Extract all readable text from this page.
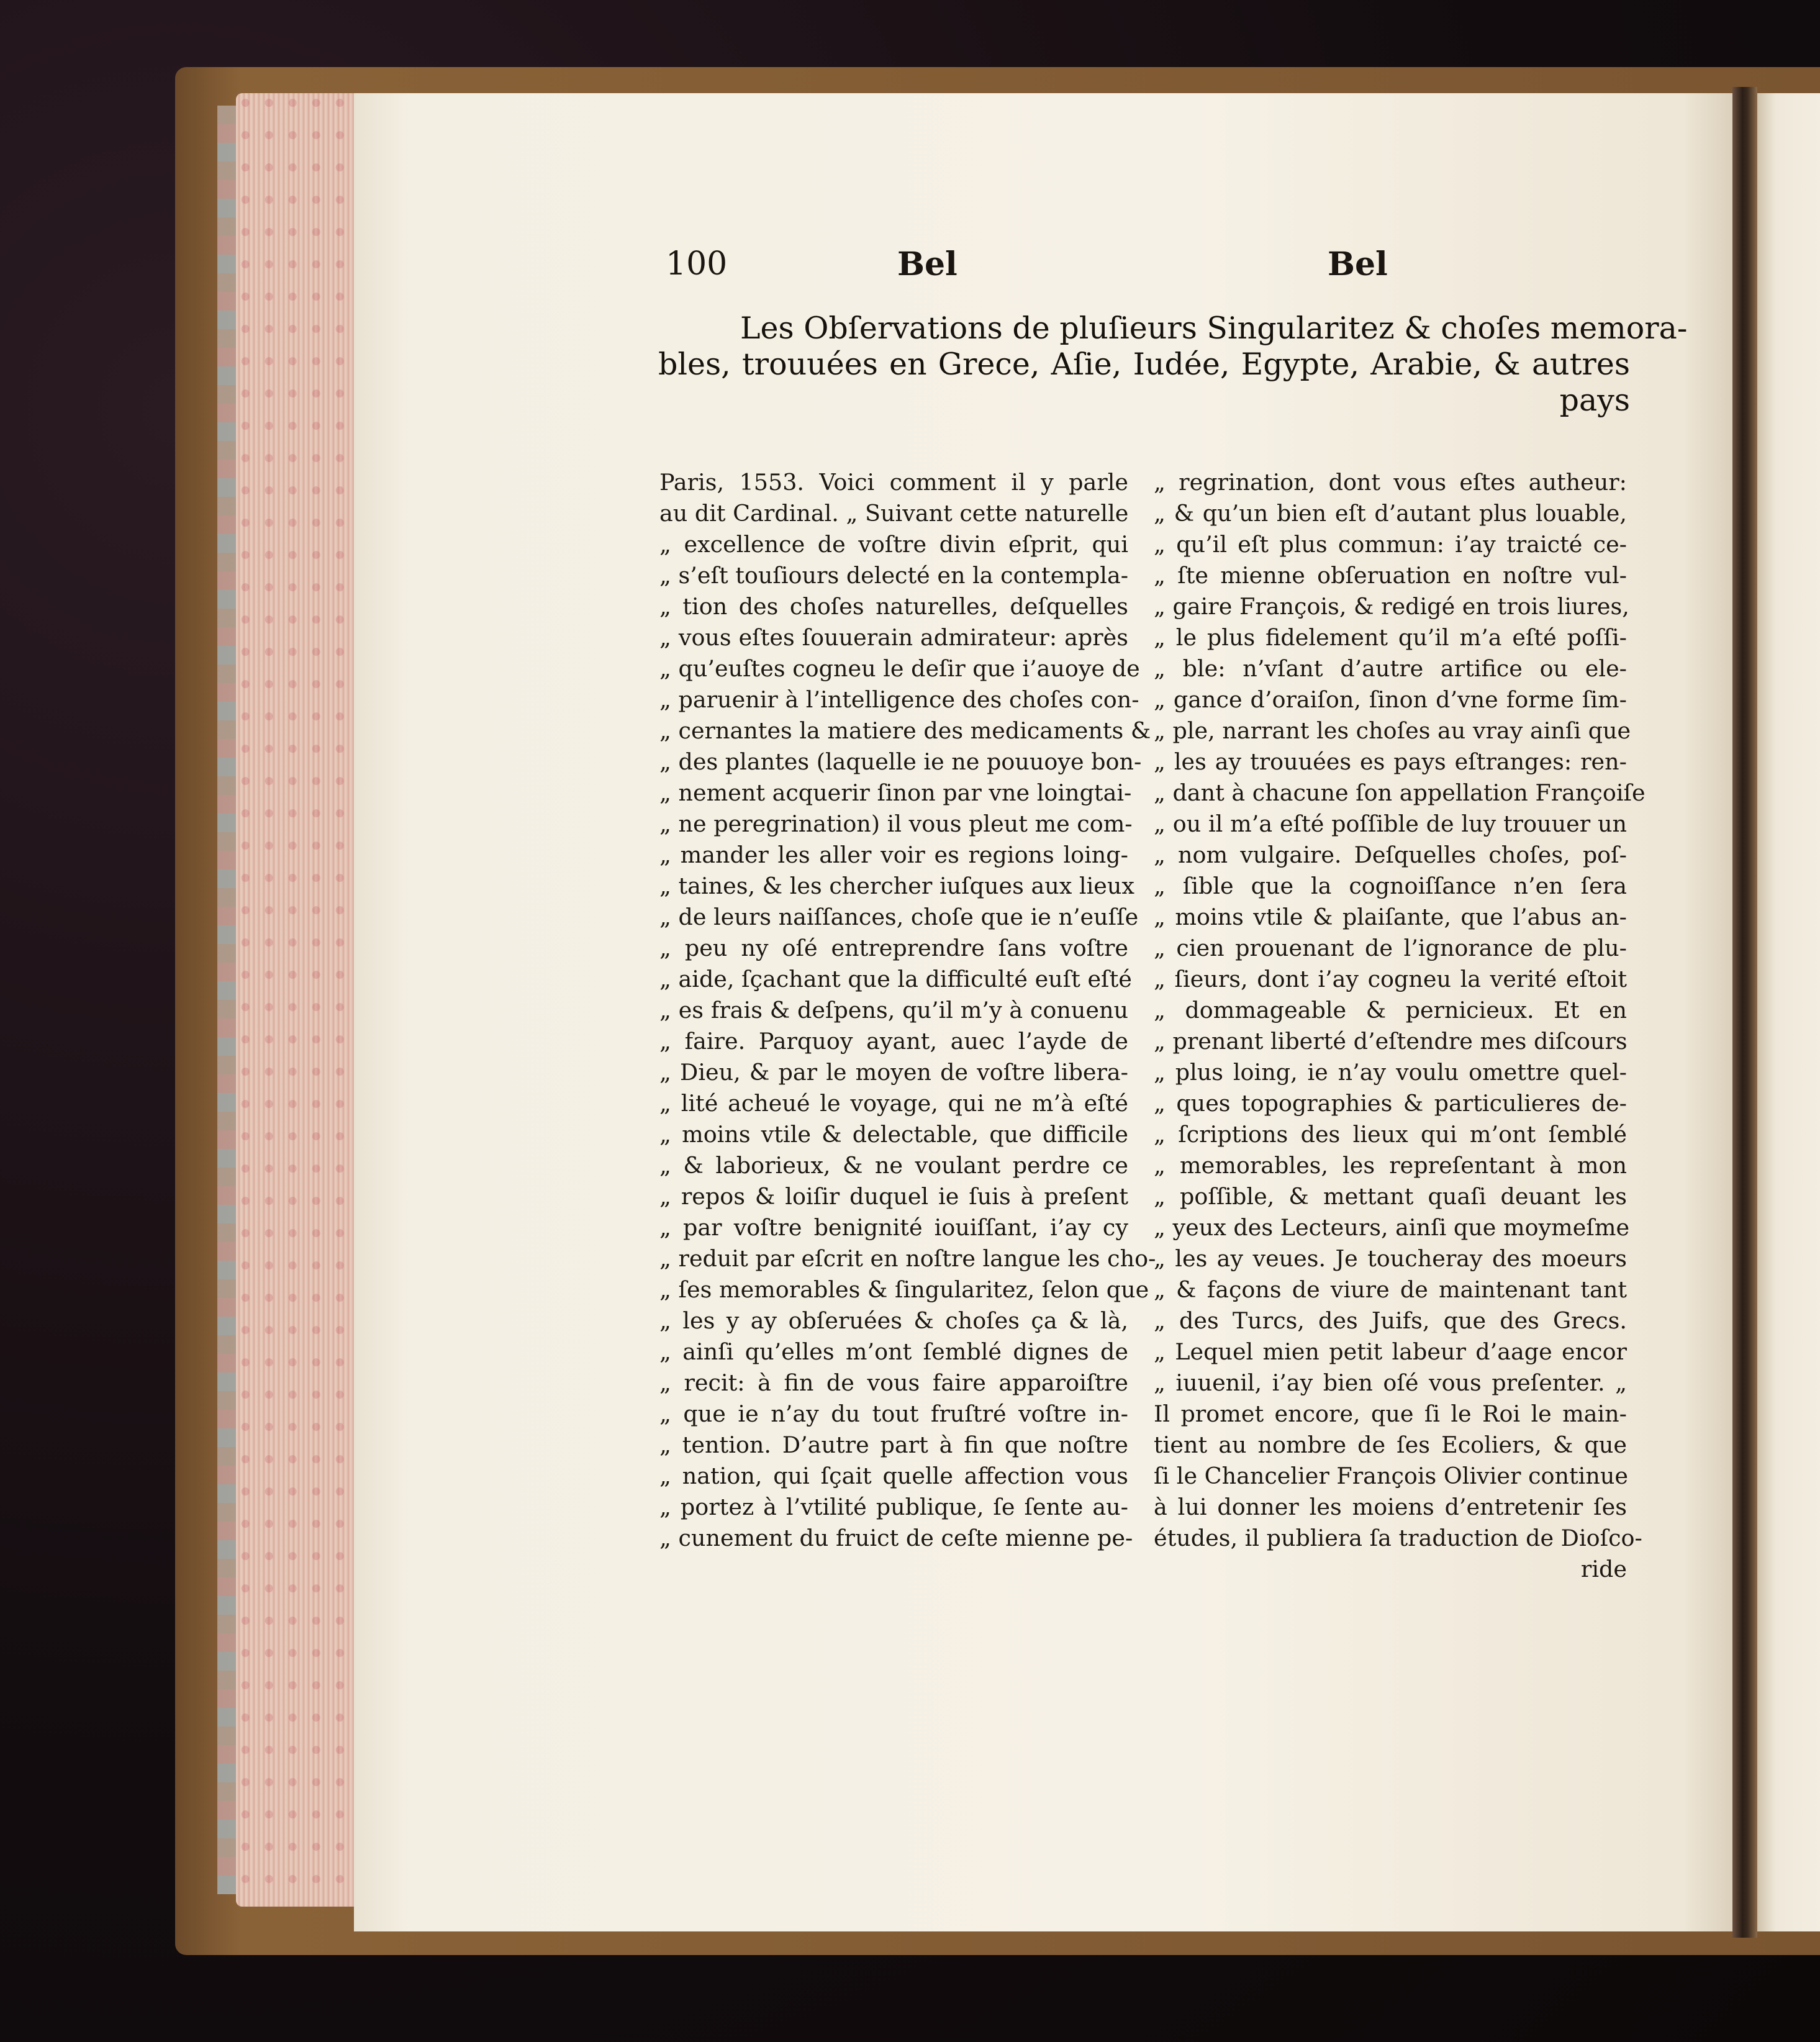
100	Bel	Bel
Les Obſervations de pluſieurs Singularitez & choſes memora-
bles, trouuées en Grece, Aſie, Iudée, Egypte, Arabie, & autres
pays
Paris, 1553. Voici comment il y parle
au dit Cardinal. „ Suivant cette naturelle
„ excellence de voſtre divin eſprit, qui
„ s’eſt touſiours delecté en la contempla-
„ tion des choſes naturelles, deſquelles
„ vous eſtes ſouuerain admirateur: après
„ qu’euſtes cogneu le deſir que i’auoye de
„ paruenir à l’intelligence des choſes con-
„ cernantes la matiere des medicaments &
„ des plantes (laquelle ie ne pouuoye bon-
„ nement acquerir ſinon par vne loingtai-
„ ne peregrination) il vous pleut me com-
„ mander les aller voir es regions loing-
„ taines, & les chercher iuſques aux lieux
„ de leurs naiſſances, choſe que ie n’euſſe
„ peu ny oſé entreprendre ſans voſtre
„ aide, ſçachant que la difficulté euſt eſté
„ es frais & deſpens, qu’il m’y à conuenu
„ faire. Parquoy ayant, auec l’ayde de
„ Dieu, & par le moyen de voſtre libera-
„ lité acheué le voyage, qui ne m’à eſté
„ moins vtile & delectable, que difficile
„ & laborieux, & ne voulant perdre ce
„ repos & loiſir duquel ie ſuis à preſent
„ par voſtre benignité iouiſſant, i’ay cy
„ reduit par eſcrit en noſtre langue les cho-
„ ſes memorables & ſingularitez, ſelon que
„ les y ay obſeruées & choſes ça & là,
„ ainſi qu’elles m’ont ſemblé dignes de
„ recit: à fin de vous faire apparoiſtre
„ que ie n’ay du tout fruſtré voſtre in-
„ tention. D’autre part à fin que noſtre
„ nation, qui ſçait quelle affection vous
„ portez à l’vtilité publique, ſe ſente au-
„ cunement du fruict de ceſte mienne pe-
„ regrination, dont vous eſtes autheur:
„ & qu’un bien eſt d’autant plus louable,
„ qu’il eſt plus commun: i’ay traicté ce-
„ ſte mienne obſeruation en noſtre vul-
„ gaire François, & redigé en trois liures,
„ le plus fidelement qu’il m’a eſté poſſi-
„ ble: n’vſant d’autre artifice ou ele-
„ gance d’oraiſon, ſinon d’vne forme ſim-
„ ple, narrant les choſes au vray ainſi que
„ les ay trouuées es pays eſtranges: ren-
„ dant à chacune ſon appellation Françoiſe
„ ou il m’a eſté poſſible de luy trouuer un
„ nom vulgaire. Deſquelles choſes, poſ-
„ ſible que la cognoiſſance n’en ſera
„ moins vtile & plaiſante, que l’abus an-
„ cien prouenant de l’ignorance de plu-
„ ſieurs, dont i’ay cogneu la verité eſtoit
„ dommageable & pernicieux. Et en
„ prenant liberté d’eſtendre mes diſcours
„ plus loing, ie n’ay voulu omettre quel-
„ ques topographies & particulieres de-
„ ſcriptions des lieux qui m’ont ſemblé
„ memorables, les repreſentant à mon
„ poſſible, & mettant quaſi deuant les
„ yeux des Lecteurs, ainſi que moymeſme
„ les ay veues. Je toucheray des moeurs
„ & façons de viure de maintenant tant
„ des Turcs, des Juifs, que des Grecs.
„ Lequel mien petit labeur d’aage encor
„ iuuenil, i’ay bien oſé vous preſenter. „
Il promet encore, que ſi le Roi le main-
tient au nombre de ſes Ecoliers, & que
ſi le Chancelier François Olivier continue
à lui donner les moiens d’entretenir ſes
études, il publiera ſa traduction de Dioſco-
ride
